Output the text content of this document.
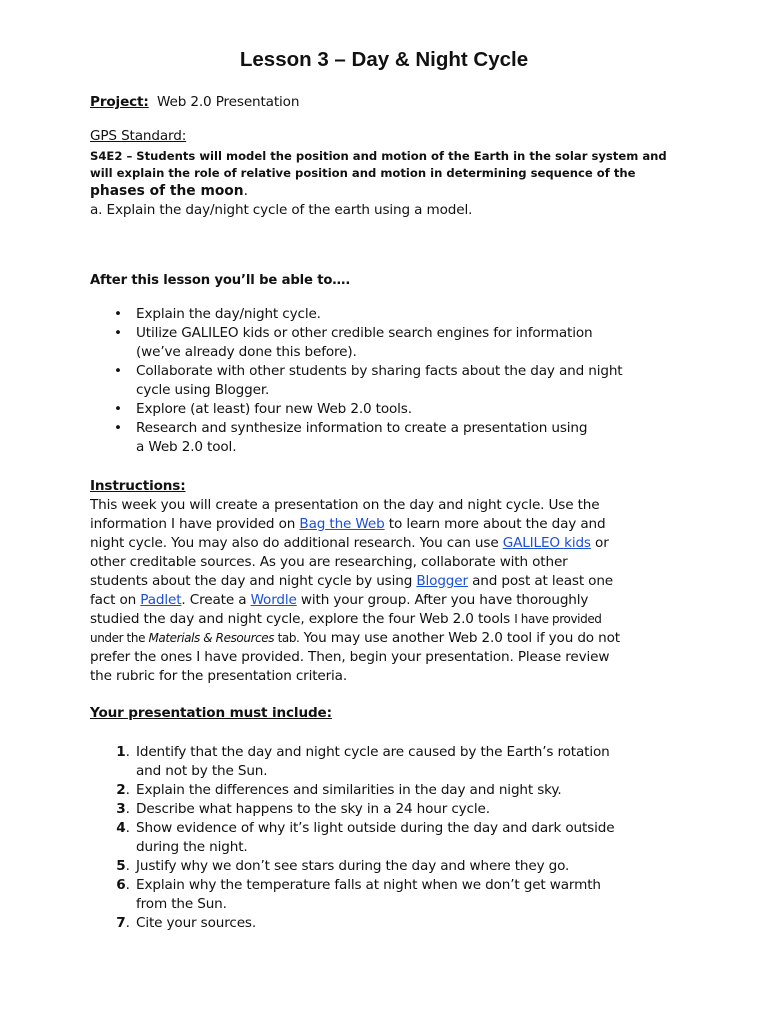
Lesson 3 – Day & Night Cycle
Project: Web 2.0 Presentation
GPS Standard:
S4E2 – Students will model the position and motion of the Earth in the solar system and
will explain the role of relative position and motion in determining sequence of the
phases of the moon.
a. Explain the day/night cycle of the earth using a model.
After this lesson you’ll be able to….
• Explain the day/night cycle.
• Utilize GALILEO kids or other credible search engines for information
(we’ve already done this before).
• Collaborate with other students by sharing facts about the day and night
cycle using Blogger.
• Explore (at least) four new Web 2.0 tools.
• Research and synthesize information to create a presentation using
a Web 2.0 tool.
Instructions:
This week you will create a presentation on the day and night cycle. Use the
information I have provided on Bag the Web to learn more about the day and
night cycle. You may also do additional research. You can use GALILEO kids or
other creditable sources. As you are researching, collaborate with other
students about the day and night cycle by using Blogger and post at least one
fact on Padlet. Create a Wordle with your group. After you have thoroughly
studied the day and night cycle, explore the four Web 2.0 tools I have provided
under the Materials & Resources tab. You may use another Web 2.0 tool if you do not
prefer the ones I have provided. Then, begin your presentation. Please review
the rubric for the presentation criteria.
Your presentation must include:
1. Identify that the day and night cycle are caused by the Earth’s rotation
and not by the Sun.
2. Explain the differences and similarities in the day and night sky.
3. Describe what happens to the sky in a 24 hour cycle.
4. Show evidence of why it’s light outside during the day and dark outside
during the night.
5. Justify why we don’t see stars during the day and where they go.
6. Explain why the temperature falls at night when we don’t get warmth
from the Sun.
7. Cite your sources.
